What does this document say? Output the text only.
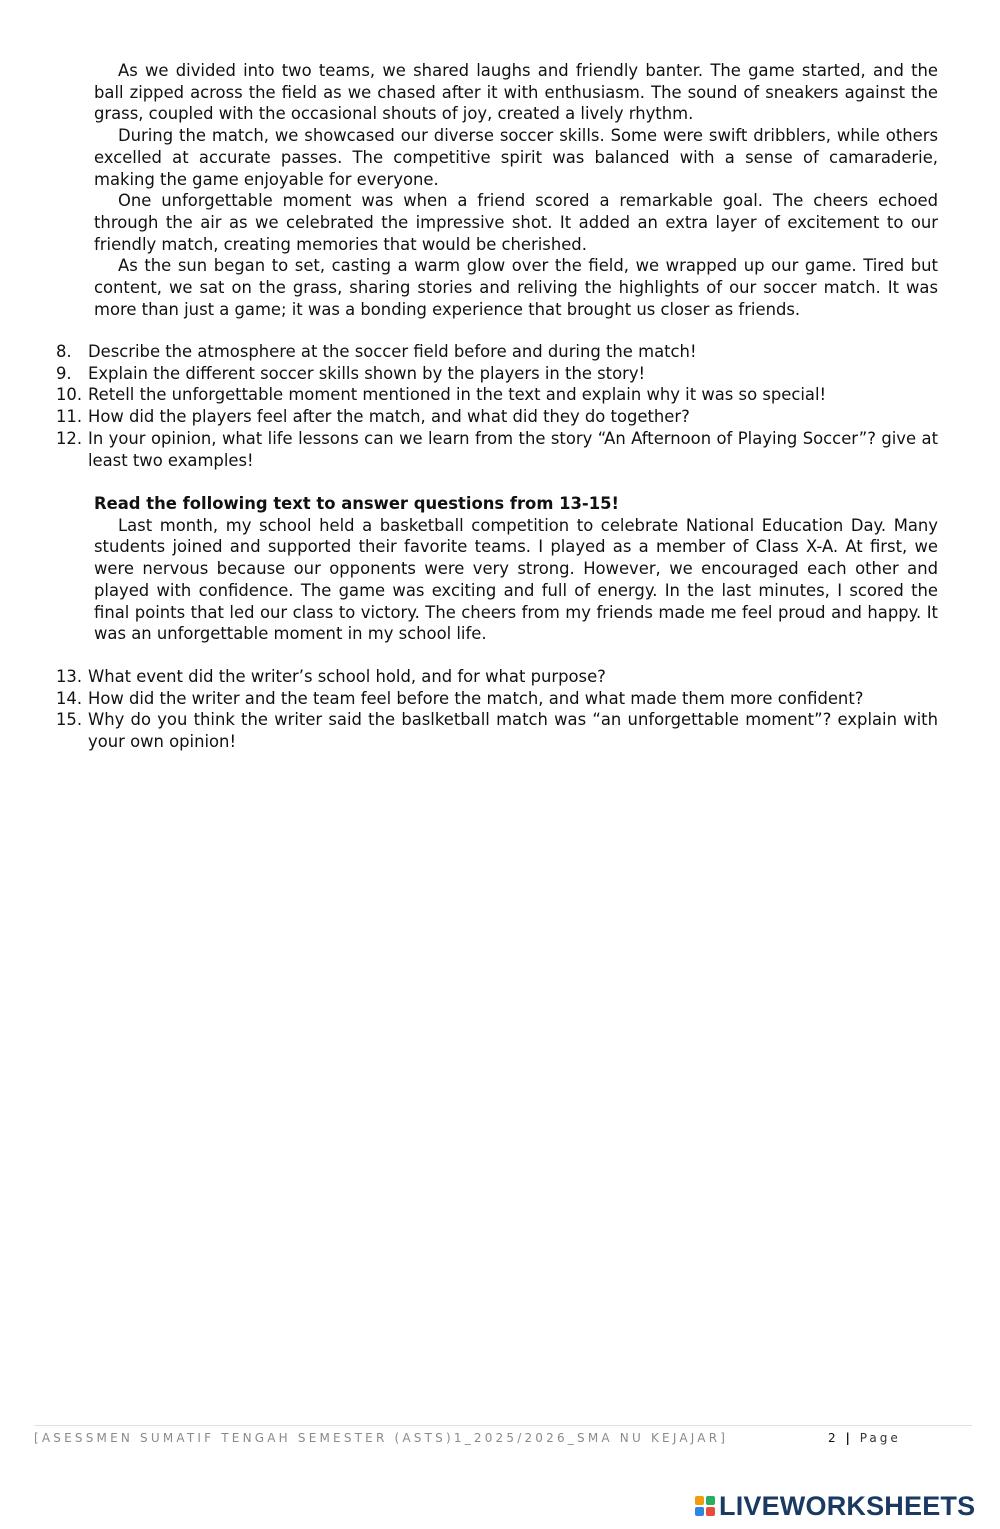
As we divided into two teams, we shared laughs and friendly banter. The game started, and the ball zipped across the field as we chased after it with enthusiasm. The sound of sneakers against the grass, coupled with the occasional shouts of joy, created a lively rhythm.

During the match, we showcased our diverse soccer skills. Some were swift dribblers, while others excelled at accurate passes. The competitive spirit was balanced with a sense of camaraderie, making the game enjoyable for everyone.

One unforgettable moment was when a friend scored a remarkable goal. The cheers echoed through the air as we celebrated the impressive shot. It added an extra layer of excitement to our friendly match, creating memories that would be cherished.

As the sun began to set, casting a warm glow over the field, we wrapped up our game. Tired but content, we sat on the grass, sharing stories and reliving the highlights of our soccer match. It was more than just a game; it was a bonding experience that brought us closer as friends.

8. Describe the atmosphere at the soccer field before and during the match!
9. Explain the different soccer skills shown by the players in the story!
10. Retell the unforgettable moment mentioned in the text and explain why it was so special!
11. How did the players feel after the match, and what did they do together?
12. In your opinion, what life lessons can we learn from the story “An Afternoon of Playing Soccer”? give at least two examples!
Read the following text to answer questions from 13-15!

Last month, my school held a basketball competition to celebrate National Education Day. Many students joined and supported their favorite teams. I played as a member of Class X-A. At first, we were nervous because our opponents were very strong. However, we encouraged each other and played with confidence. The game was exciting and full of energy. In the last minutes, I scored the final points that led our class to victory. The cheers from my friends made me feel proud and happy. It was an unforgettable moment in my school life.

13. What event did the writer’s school hold, and for what purpose?
14. How did the writer and the team feel before the match, and what made them more confident?
15. Why do you think the writer said the baslketball match was “an unforgettable moment”? explain with your own opinion!
[ASESSMEN SUMATIF TENGAH SEMESTER (ASTS)1_2025/2026_SMA NU KEJAJAR]	2 | Page
LIVEWORKSHEETS
